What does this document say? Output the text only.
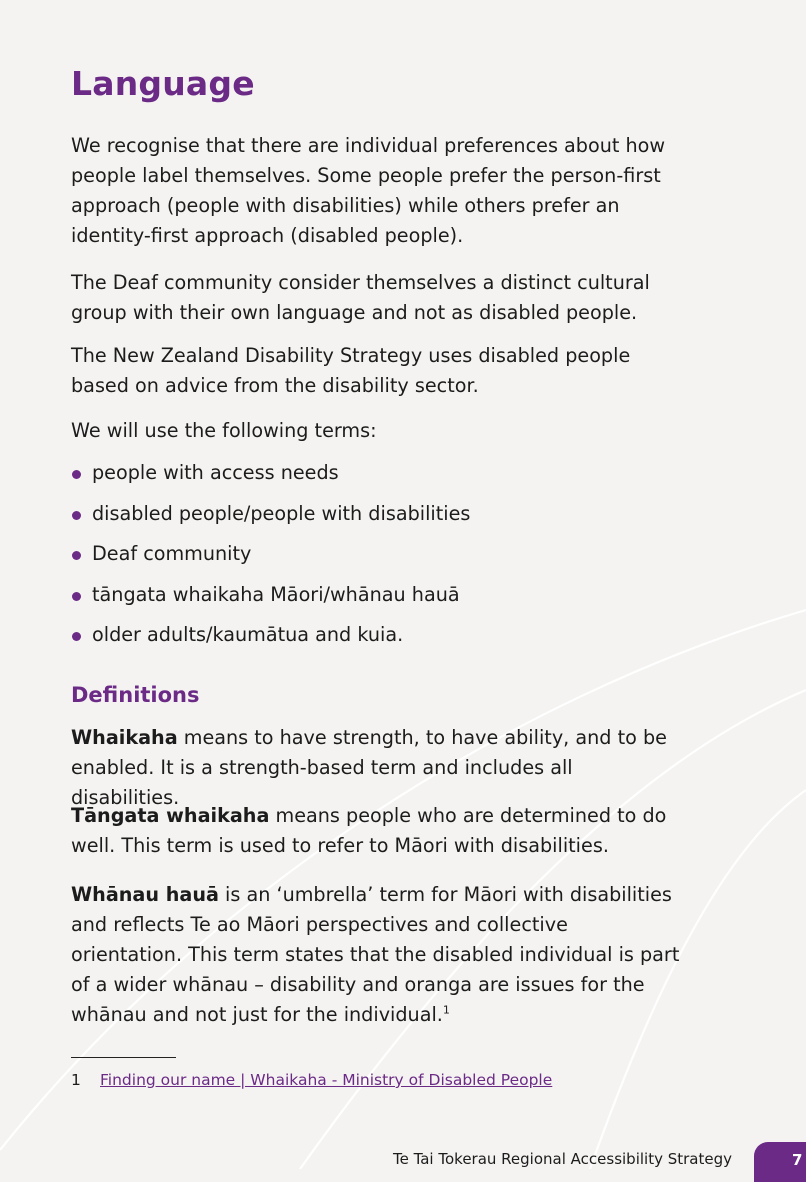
Language

We recognise that there are individual preferences about how people label themselves. Some people prefer the person-first approach (people with disabilities) while others prefer an identity-first approach (disabled people).

The Deaf community consider themselves a distinct cultural group with their own language and not as disabled people.

The New Zealand Disability Strategy uses disabled people based on advice from the disability sector.

We will use the following terms:

people with access needs
disabled people/people with disabilities
Deaf community
tāngata whaikaha Māori/whānau hauā
older adults/kaumātua and kuia.
Definitions

Whaikaha means to have strength, to have ability, and to be enabled. It is a strength-based term and includes all disabilities.

Tāngata whaikaha means people who are determined to do well. This term is used to refer to Māori with disabilities.

Whānau hauā is an ‘umbrella’ term for Māori with disabilities and reflects Te ao Māori perspectives and collective orientation. This term states that the disabled individual is part of a wider whānau – disability and oranga are issues for the whānau and not just for the individual.$^1$

1 Finding our name | Whaikaha - Ministry of Disabled People
Te Tai Tokerau Regional Accessibility Strategy	7
